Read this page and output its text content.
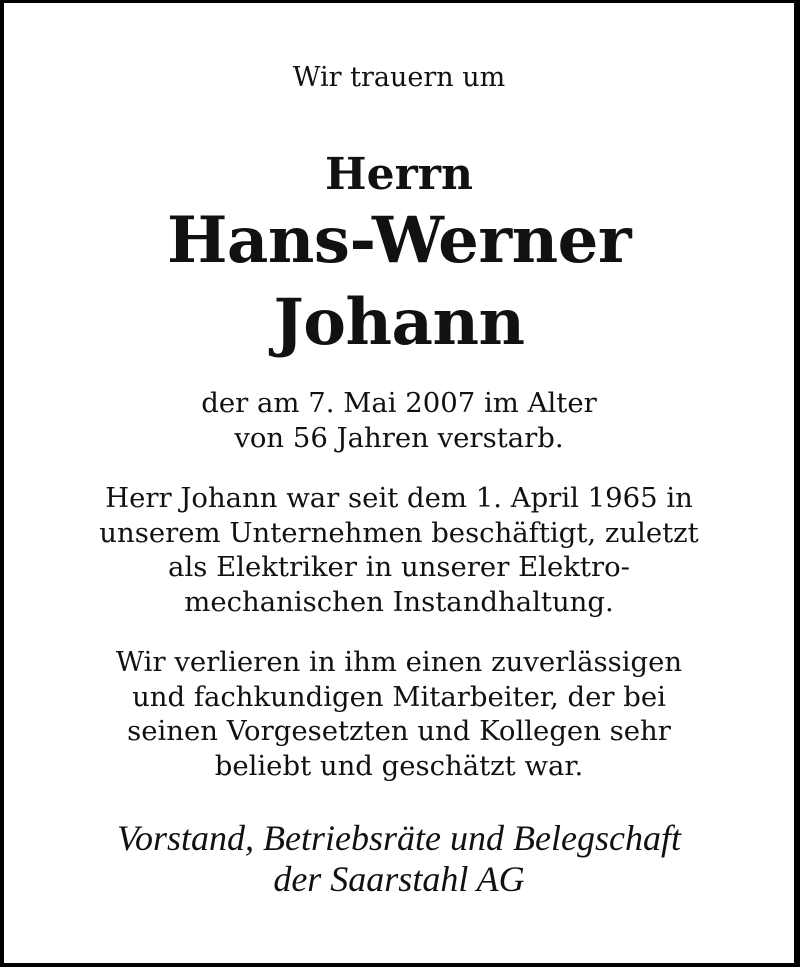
Wir trauern um
Herrn
Hans-Werner
Johann
der am 7. Mai 2007 im Alter
von 56 Jahren verstarb.
Herr Johann war seit dem 1. April 1965 in
unserem Unternehmen beschäftigt, zuletzt
als Elektriker in unserer Elektro-
mechanischen Instandhaltung.
Wir verlieren in ihm einen zuverlässigen
und fachkundigen Mitarbeiter, der bei
seinen Vorgesetzten und Kollegen sehr
beliebt und geschätzt war.
Vorstand, Betriebsräte und Belegschaft
der Saarstahl AG
